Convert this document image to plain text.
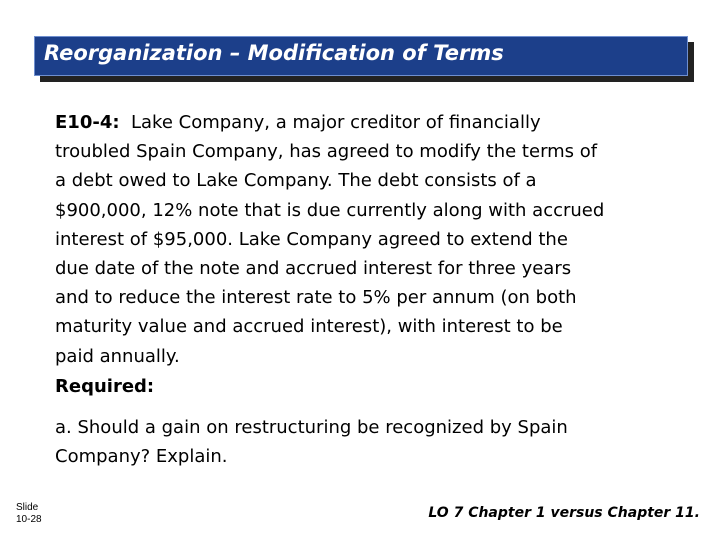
Reorganization – Modification of Terms
E10-4: Lake Company, a major creditor of financially
troubled Spain Company, has agreed to modify the terms of
a debt owed to Lake Company. The debt consists of a
$900,000, 12% note that is due currently along with accrued
interest of $95,000. Lake Company agreed to extend the
due date of the note and accrued interest for three years
and to reduce the interest rate to 5% per annum (on both
maturity value and accrued interest), with interest to be
paid annually.
Required:
a. Should a gain on restructuring be recognized by Spain
Company? Explain.
Slide
10-28	LO 7 Chapter 1 versus Chapter 11.
